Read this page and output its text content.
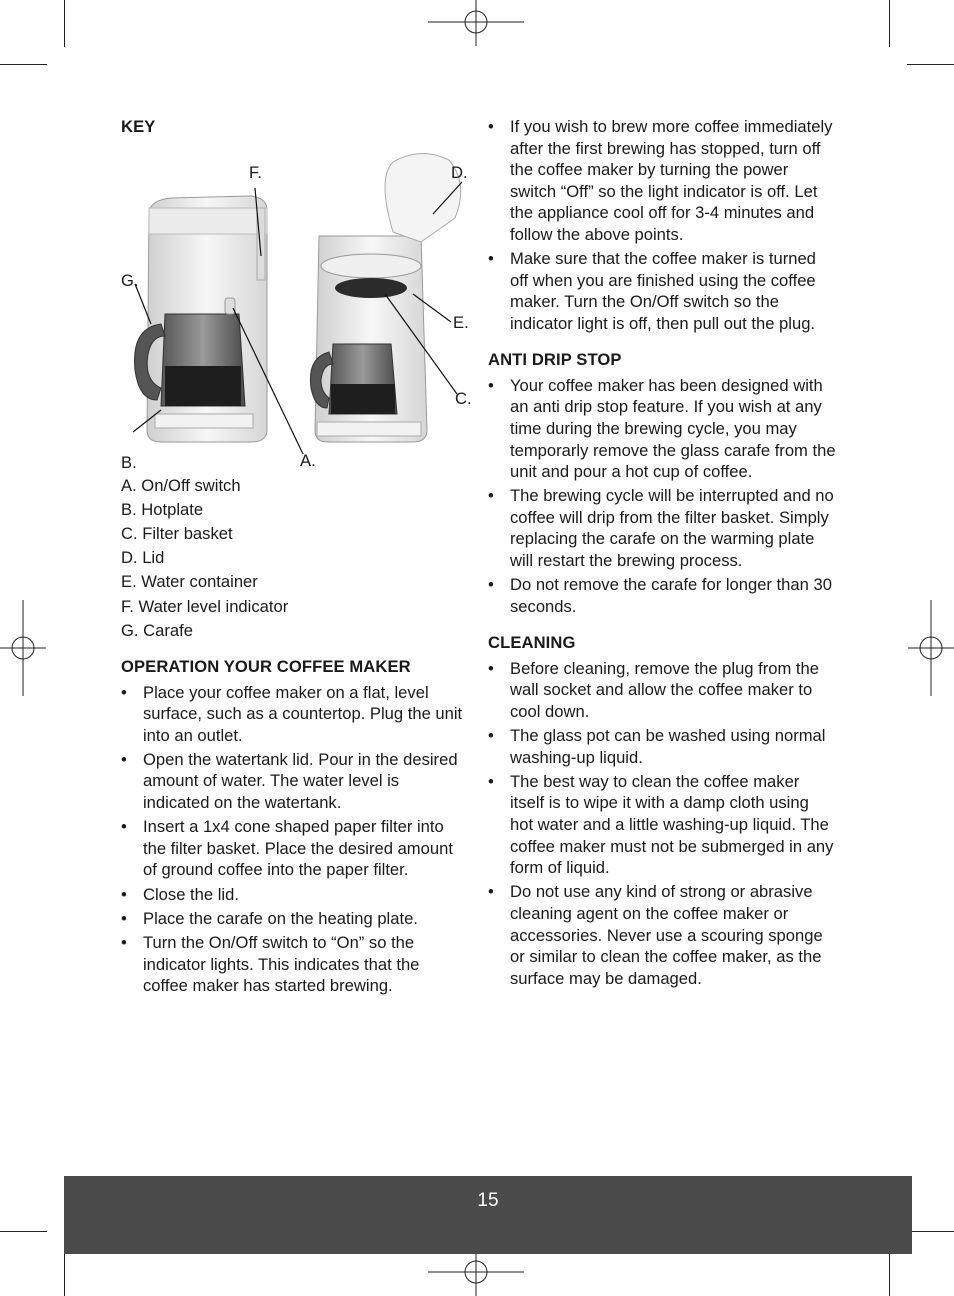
KEY
F.	D.
G.
E.
C.
B.	A.
A. On/Off switch
B. Hotplate
C. Filter basket
D. Lid
E. Water container
F. Water level indicator
G. Carafe
OPERATION YOUR COFFEE MAKER
• Place your coffee maker on a flat, level surface, such as a countertop. Plug the unit into an outlet.
• Open the watertank lid. Pour in the desired amount of water. The water level is indicated on the watertank.
• Insert a 1x4 cone shaped paper filter into the filter basket. Place the desired amount of ground coffee into the paper filter.
• Close the lid.
• Place the carafe on the heating plate.
• Turn the On/Off switch to “On” so the indicator lights. This indicates that the coffee maker has started brewing.
• If you wish to brew more coffee immediately after the first brewing has stopped, turn off the coffee maker by turning the power switch “Off” so the light indicator is off. Let the appliance cool off for 3-4 minutes and follow the above points.
• Make sure that the coffee maker is turned off when you are finished using the coffee maker. Turn the On/Off switch so the indicator light is off, then pull out the plug.
ANTI DRIP STOP
• Your coffee maker has been designed with an anti drip stop feature. If you wish at any time during the brewing cycle, you may temporarly remove the glass carafe from the unit and pour a hot cup of coffee.
• The brewing cycle will be interrupted and no coffee will drip from the filter basket. Simply replacing the carafe on the warming plate will restart the brewing process.
• Do not remove the carafe for longer than 30 seconds.
CLEANING
• Before cleaning, remove the plug from the wall socket and allow the coffee maker to cool down.
• The glass pot can be washed using normal washing-up liquid.
• The best way to clean the coffee maker itself is to wipe it with a damp cloth using hot water and a little washing-up liquid. The coffee maker must not be submerged in any form of liquid.
• Do not use any kind of strong or abrasive cleaning agent on the coffee maker or accessories. Never use a scouring sponge or similar to clean the coffee maker, as the surface may be damaged.
15
